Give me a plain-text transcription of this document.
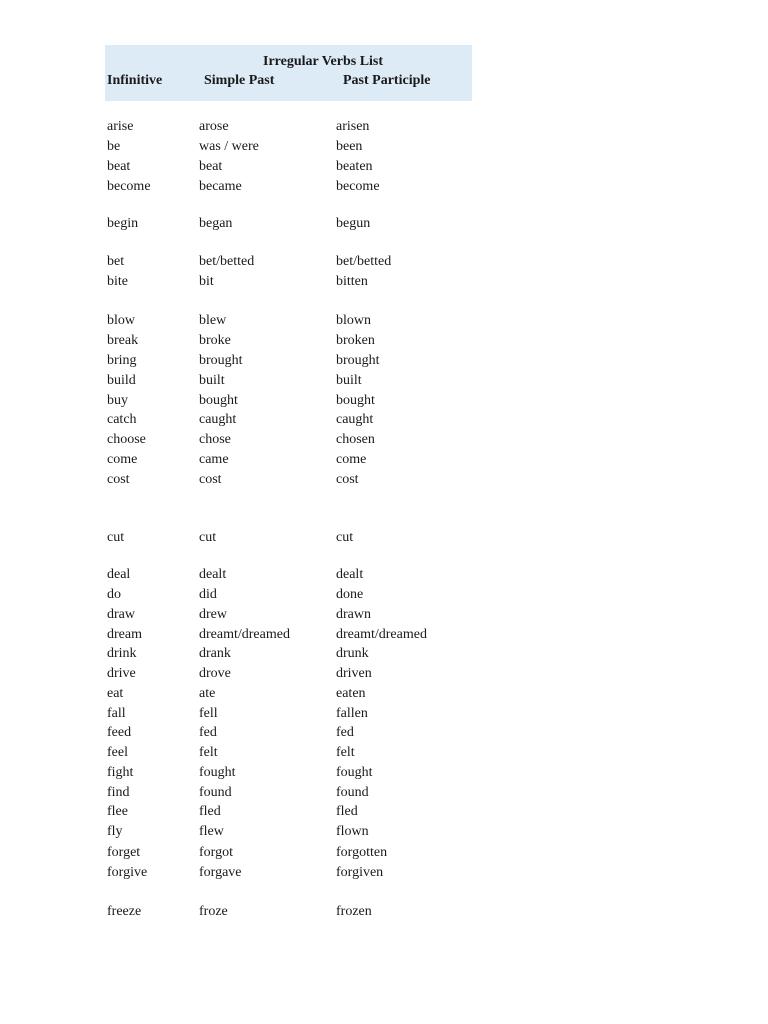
Irregular Verbs List
Infinitive	Simple Past	Past Participle
arise	arose	arisen
be	was / were	been
beat	beat	beaten
become	became	become
begin	began	begun
bet	bet/betted	bet/betted
bite	bit	bitten
blow	blew	blown
break	broke	broken
bring	brought	brought
build	built	built
buy	bought	bought
catch	caught	caught
choose	chose	chosen
come	came	come
cost	cost	cost
cut	cut	cut
deal	dealt	dealt
do	did	done
draw	drew	drawn
dream	dreamt/dreamed	dreamt/dreamed
drink	drank	drunk
drive	drove	driven
eat	ate	eaten
fall	fell	fallen
feed	fed	fed
feel	felt	felt
fight	fought	fought
find	found	found
flee	fled	fled
fly	flew	flown
forget	forgot	forgotten
forgive	forgave	forgiven
freeze	froze	frozen
